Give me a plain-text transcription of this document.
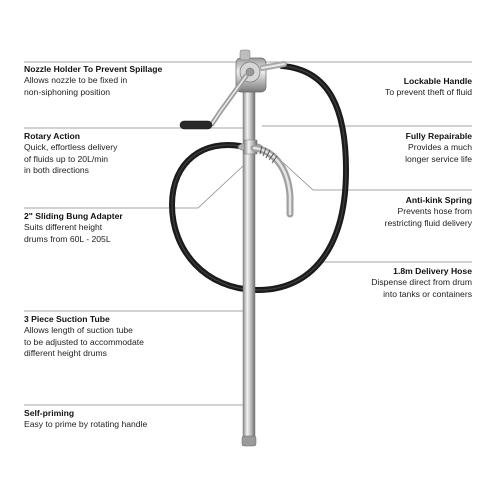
Nozzle Holder To Prevent Spillage
Allows nozzle to be fixed in
non-siphoning position
Rotary Action
Quick, effortless delivery
of fluids up to 20L/min
in both directions
2" Sliding Bung Adapter
Suits different height
drums from 60L - 205L
3 Piece Suction Tube
Allows length of suction tube
to be adjusted to accommodate
different height drums
Self-priming
Easy to prime by rotating handle
Lockable Handle
To prevent theft of fluid
Fully Repairable
Provides a much
longer service life
Anti-kink Spring
Prevents hose from
restricting fluid delivery
1.8m Delivery Hose
Dispense direct from drum
into tanks or containers
